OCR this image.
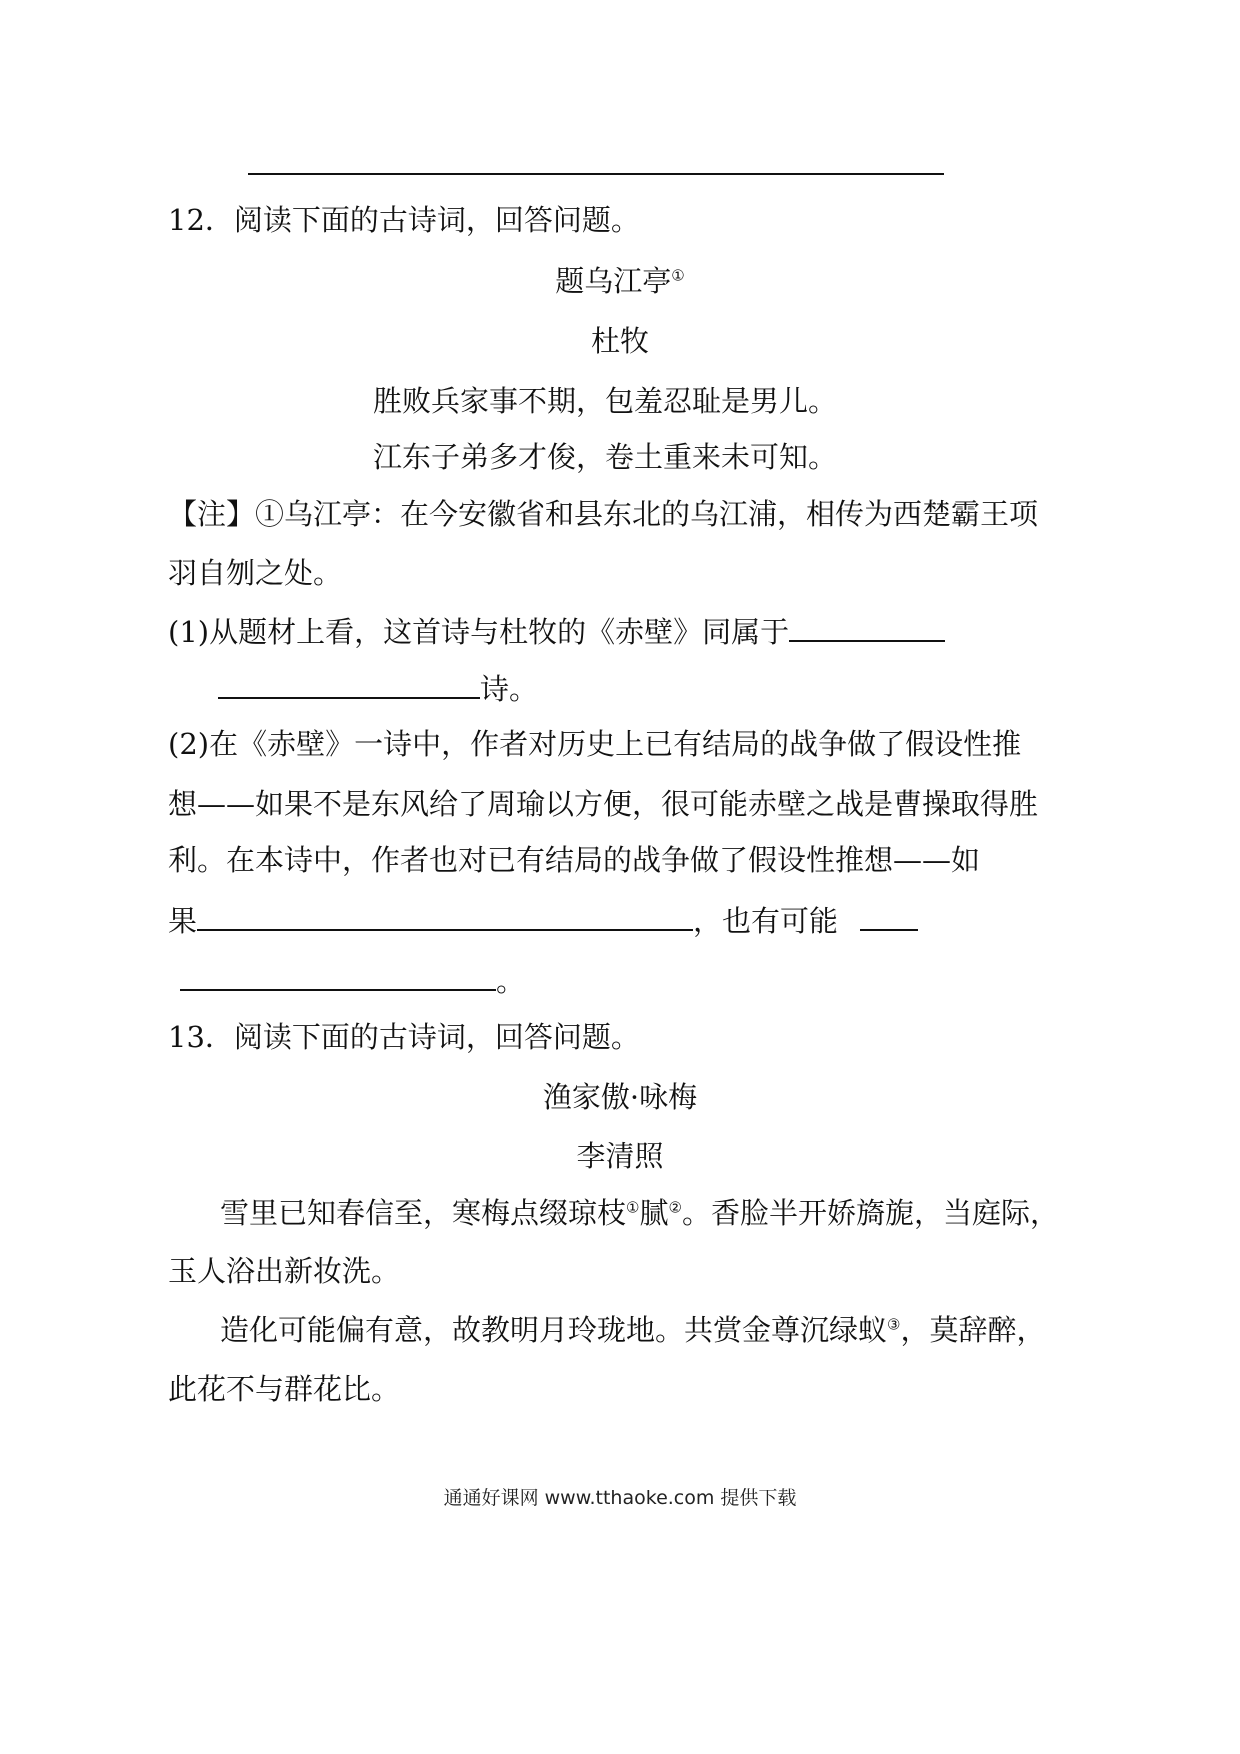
12．阅读下面的古诗词，回答问题。
题乌江亭①
杜牧
胜败兵家事不期，包羞忍耻是男儿。
江东子弟多才俊，卷土重来未可知。
【注】①乌江亭：在今安徽省和县东北的乌江浦，相传为西楚霸王项
羽自刎之处。
(1)从题材上看，这首诗与杜牧的《赤壁》同属于
诗。
(2)在《赤壁》一诗中，作者对历史上已有结局的战争做了假设性推
想——如果不是东风给了周瑜以方便，很可能赤壁之战是曹操取得胜
利。在本诗中，作者也对已有结局的战争做了假设性推想——如
果	，也有可能
。
13．阅读下面的古诗词，回答问题。
渔家傲·咏梅
李清照
雪里已知春信至，寒梅点缀琼枝①腻②。香脸半开娇旖旎，当庭际，
玉人浴出新妆洗。
造化可能偏有意，故教明月玲珑地。共赏金尊沉绿蚁③，莫辞醉，
此花不与群花比。
通通好课网 www.tthaoke.com 提供下载
